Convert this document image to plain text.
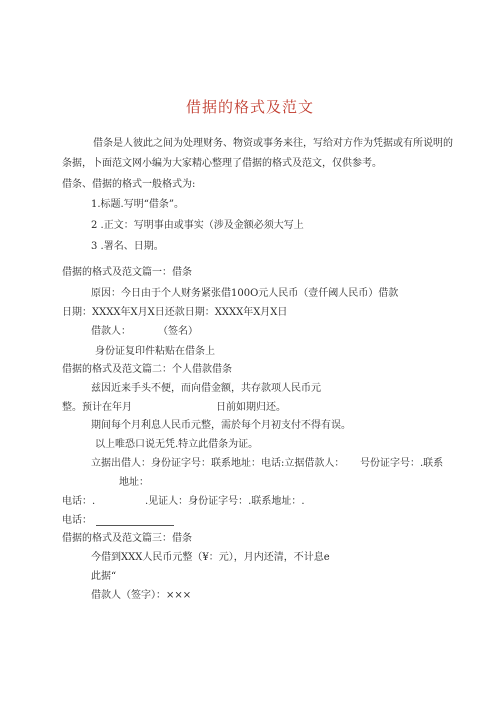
借据的格式及范文
借条是人彼此之间为处理财务、物资或事务来往，写给对方作为凭据或有所说明的
条据，卜面范文网小编为大家精心整理了借据的格式及范文，仅供参考。
借条、借据的格式一般格式为:
1.标题.写明“借条”。
2 .正文：写明事由或事实（涉及金额必须大写上
3 .署名、日期。
借据的格式及范文篇一：借条
原因：今日由于个人财务紧张借100O元人民币（壹仟阈人民币）借款
日期：XXXX年X月X日还款日期：XXXX年X月X日
借款人：	（签名）
身份证复印件粘贴在借条上
借据的格式及范文篇二：个人借款借条
兹因近来手头不便，而向借金额，共存款项人民币元
整。预计在年月	日前如期归还。
期间每个月利息人民币元整，需於每个月初支付不得有误。
以上唯恐口说无凭.特立此借条为证。
立据出借人：身份证字号：联系地址：电话:立据借款人： 号份证字号：.联系
地址：
电话：.	.见证人：身份证字号：.联系地址：.
电话：
借据的格式及范文篇三：借条
今借到XXX人民币元整（¥：元），月内还清，不计息e
此据“
借款人（签字）：×××
